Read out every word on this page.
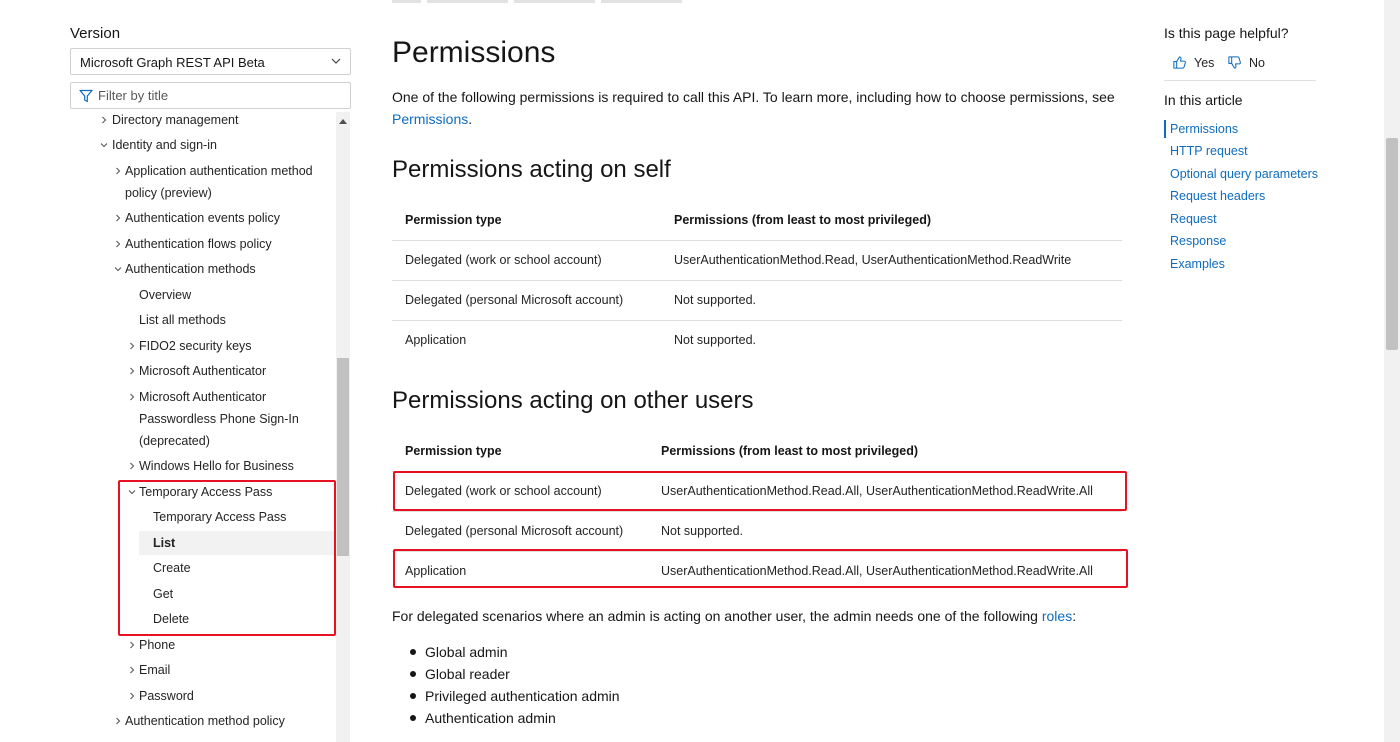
Version
Microsoft Graph REST API Beta
Filter by title
Directory management
Identity and sign-in
Application authentication method
policy (preview)
Authentication events policy
Authentication flows policy
Authentication methods
Overview
List all methods
FIDO2 security keys
Microsoft Authenticator
Microsoft Authenticator
Passwordless Phone Sign-In
(deprecated)
Windows Hello for Business
Temporary Access Pass
Temporary Access Pass
List
Create
Get
Delete
Phone
Email
Password
Authentication method policy
Permissions

One of the following permissions is required to call this API. To learn more, including how to choose permissions, see
Permissions.

Permissions acting on self
Permission type	Permissions (from least to most privileged)
Delegated (work or school account)	UserAuthenticationMethod.Read, UserAuthenticationMethod.ReadWrite
Delegated (personal Microsoft account)	Not supported.
Application	Not supported.
Permissions acting on other users
Permission type	Permissions (from least to most privileged)
Delegated (work or school account)	UserAuthenticationMethod.Read.All, UserAuthenticationMethod.ReadWrite.All
Delegated (personal Microsoft account)	Not supported.
Application	UserAuthenticationMethod.Read.All, UserAuthenticationMethod.ReadWrite.All

For delegated scenarios where an admin is acting on another user, the admin needs one of the following roles:

Global admin
Global reader
Privileged authentication admin
Authentication admin
Is this page helpful?
Yes	No
In this article
Permissions
HTTP request
Optional query parameters
Request headers
Request
Response
Examples
